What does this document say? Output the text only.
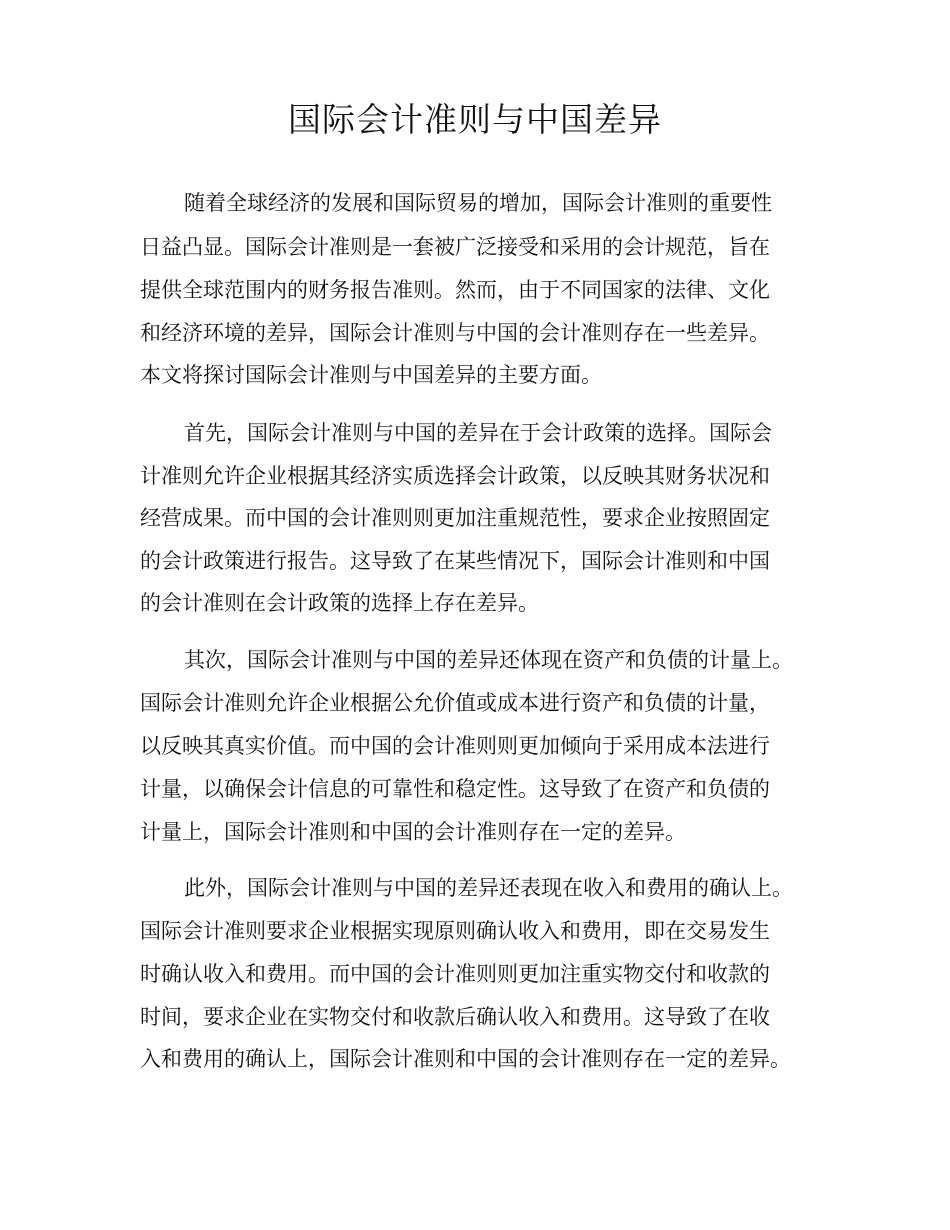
国际会计准则与中国差异

随着全球经济的发展和国际贸易的增加，国际会计准则的重要性

日益凸显。国际会计准则是一套被广泛接受和采用的会计规范，旨在

提供全球范围内的财务报告准则。然而，由于不同国家的法律、文化

和经济环境的差异，国际会计准则与中国的会计准则存在一些差异。

本文将探讨国际会计准则与中国差异的主要方面。

首先，国际会计准则与中国的差异在于会计政策的选择。国际会

计准则允许企业根据其经济实质选择会计政策，以反映其财务状况和

经营成果。而中国的会计准则则更加注重规范性，要求企业按照固定

的会计政策进行报告。这导致了在某些情况下，国际会计准则和中国

的会计准则在会计政策的选择上存在差异。

其次，国际会计准则与中国的差异还体现在资产和负债的计量上。

国际会计准则允许企业根据公允价值或成本进行资产和负债的计量，

以反映其真实价值。而中国的会计准则则更加倾向于采用成本法进行

计量，以确保会计信息的可靠性和稳定性。这导致了在资产和负债的

计量上，国际会计准则和中国的会计准则存在一定的差异。

此外，国际会计准则与中国的差异还表现在收入和费用的确认上。

国际会计准则要求企业根据实现原则确认收入和费用，即在交易发生

时确认收入和费用。而中国的会计准则则更加注重实物交付和收款的

时间，要求企业在实物交付和收款后确认收入和费用。这导致了在收

入和费用的确认上，国际会计准则和中国的会计准则存在一定的差异。
